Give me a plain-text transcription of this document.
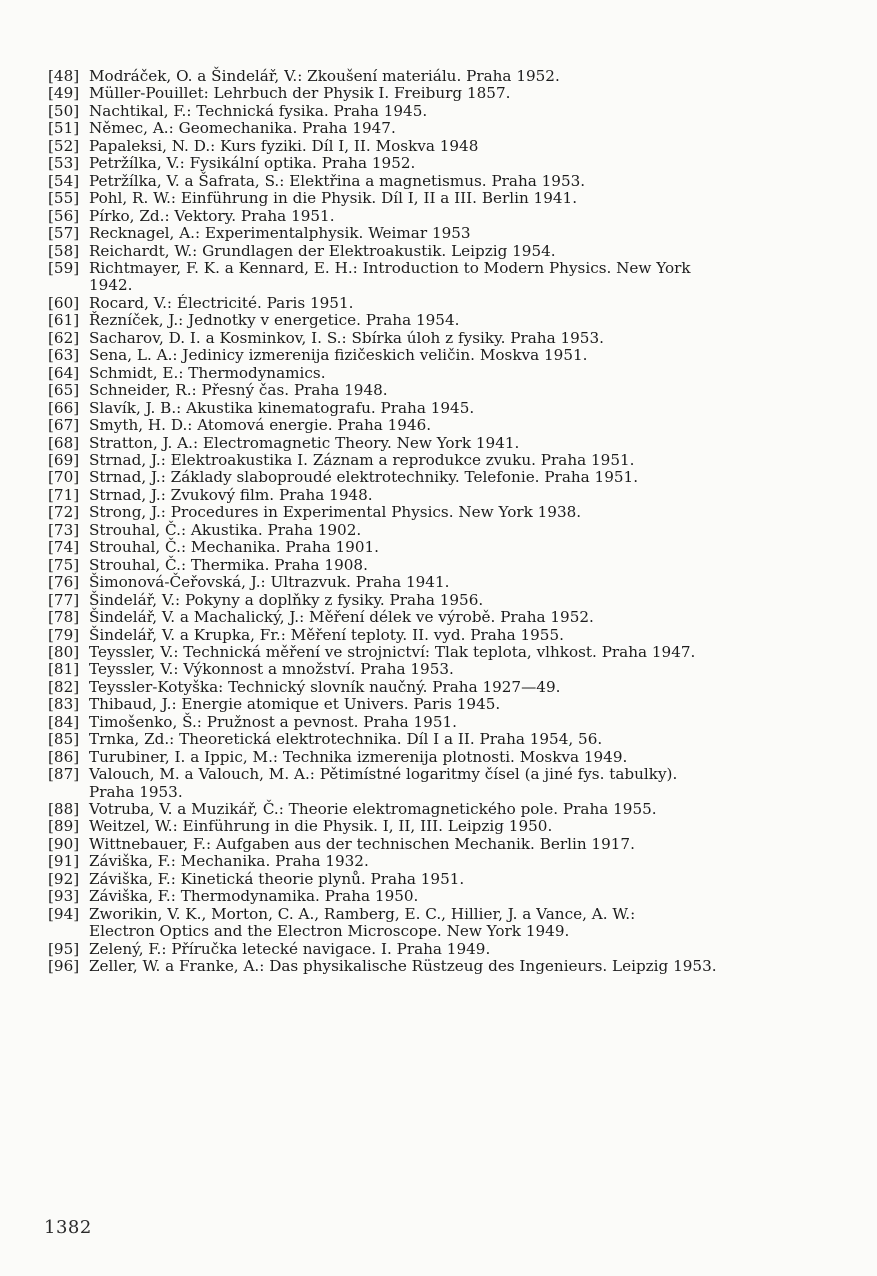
[48] Modráček, O. a Šindelář, V.: Zkoušení materiálu. Praha 1952.
[49] Müller-Pouillet: Lehrbuch der Physik I. Freiburg 1857.
[50] Nachtikal, F.: Technická fysika. Praha 1945.
[51] Němec, A.: Geomechanika. Praha 1947.
[52] Papaleksi, N. D.: Kurs fyziki. Díl I, II. Moskva 1948
[53] Petržílka, V.: Fysikální optika. Praha 1952.
[54] Petržílka, V. a Šafrata, S.: Elektřina a magnetismus. Praha 1953.
[55] Pohl, R. W.: Einführung in die Physik. Díl I, II a III. Berlin 1941.
[56] Pírko, Zd.: Vektory. Praha 1951.
[57] Recknagel, A.: Experimentalphysik. Weimar 1953
[58] Reichardt, W.: Grundlagen der Elektroakustik. Leipzig 1954.
[59] Richtmayer, F. K. a Kennard, E. H.: Introduction to Modern Physics. New York
1942.
[60] Rocard, V.: Électricité. Paris 1951.
[61] Řezníček, J.: Jednotky v energetice. Praha 1954.
[62] Sacharov, D. I. a Kosminkov, I. S.: Sbírka úloh z fysiky. Praha 1953.
[63] Sena, L. A.: Jedinicy izmerenija fizičeskich veličin. Moskva 1951.
[64] Schmidt, E.: Thermodynamics.
[65] Schneider, R.: Přesný čas. Praha 1948.
[66] Slavík, J. B.: Akustika kinematografu. Praha 1945.
[67] Smyth, H. D.: Atomová energie. Praha 1946.
[68] Stratton, J. A.: Electromagnetic Theory. New York 1941.
[69] Strnad, J.: Elektroakustika I. Záznam a reprodukce zvuku. Praha 1951.
[70] Strnad, J.: Základy slaboproudé elektrotechniky. Telefonie. Praha 1951.
[71] Strnad, J.: Zvukový film. Praha 1948.
[72] Strong, J.: Procedures in Experimental Physics. New York 1938.
[73] Strouhal, Č.: Akustika. Praha 1902.
[74] Strouhal, Č.: Mechanika. Praha 1901.
[75] Strouhal, Č.: Thermika. Praha 1908.
[76] Šimonová-Čeřovská, J.: Ultrazvuk. Praha 1941.
[77] Šindelář, V.: Pokyny a doplňky z fysiky. Praha 1956.
[78] Šindelář, V. a Machalický, J.: Měření délek ve výrobě. Praha 1952.
[79] Šindelář, V. a Krupka, Fr.: Měření teploty. II. vyd. Praha 1955.
[80] Teyssler, V.: Technická měření ve strojnictví: Tlak teplota, vlhkost. Praha 1947.
[81] Teyssler, V.: Výkonnost a množství. Praha 1953.
[82] Teyssler-Kotyška: Technický slovník naučný. Praha 1927—49.
[83] Thibaud, J.: Energie atomique et Univers. Paris 1945.
[84] Timošenko, Š.: Pružnost a pevnost. Praha 1951.
[85] Trnka, Zd.: Theoretická elektrotechnika. Díl I a II. Praha 1954, 56.
[86] Turubiner, I. a Ippic, M.: Technika izmerenija plotnosti. Moskva 1949.
[87] Valouch, M. a Valouch, M. A.: Pětimístné logaritmy čísel (a jiné fys. tabulky).
Praha 1953.
[88] Votruba, V. a Muzikář, Č.: Theorie elektromagnetického pole. Praha 1955.
[89] Weitzel, W.: Einführung in die Physik. I, II, III. Leipzig 1950.
[90] Wittnebauer, F.: Aufgaben aus der technischen Mechanik. Berlin 1917.
[91] Záviška, F.: Mechanika. Praha 1932.
[92] Záviška, F.: Kinetická theorie plynů. Praha 1951.
[93] Záviška, F.: Thermodynamika. Praha 1950.
[94] Zworikin, V. K., Morton, C. A., Ramberg, E. C., Hillier, J. a Vance, A. W.:
Electron Optics and the Electron Microscope. New York 1949.
[95] Zelený, F.: Příručka letecké navigace. I. Praha 1949.
[96] Zeller, W. a Franke, A.: Das physikalische Rüstzeug des Ingenieurs. Leipzig 1953.
1382
